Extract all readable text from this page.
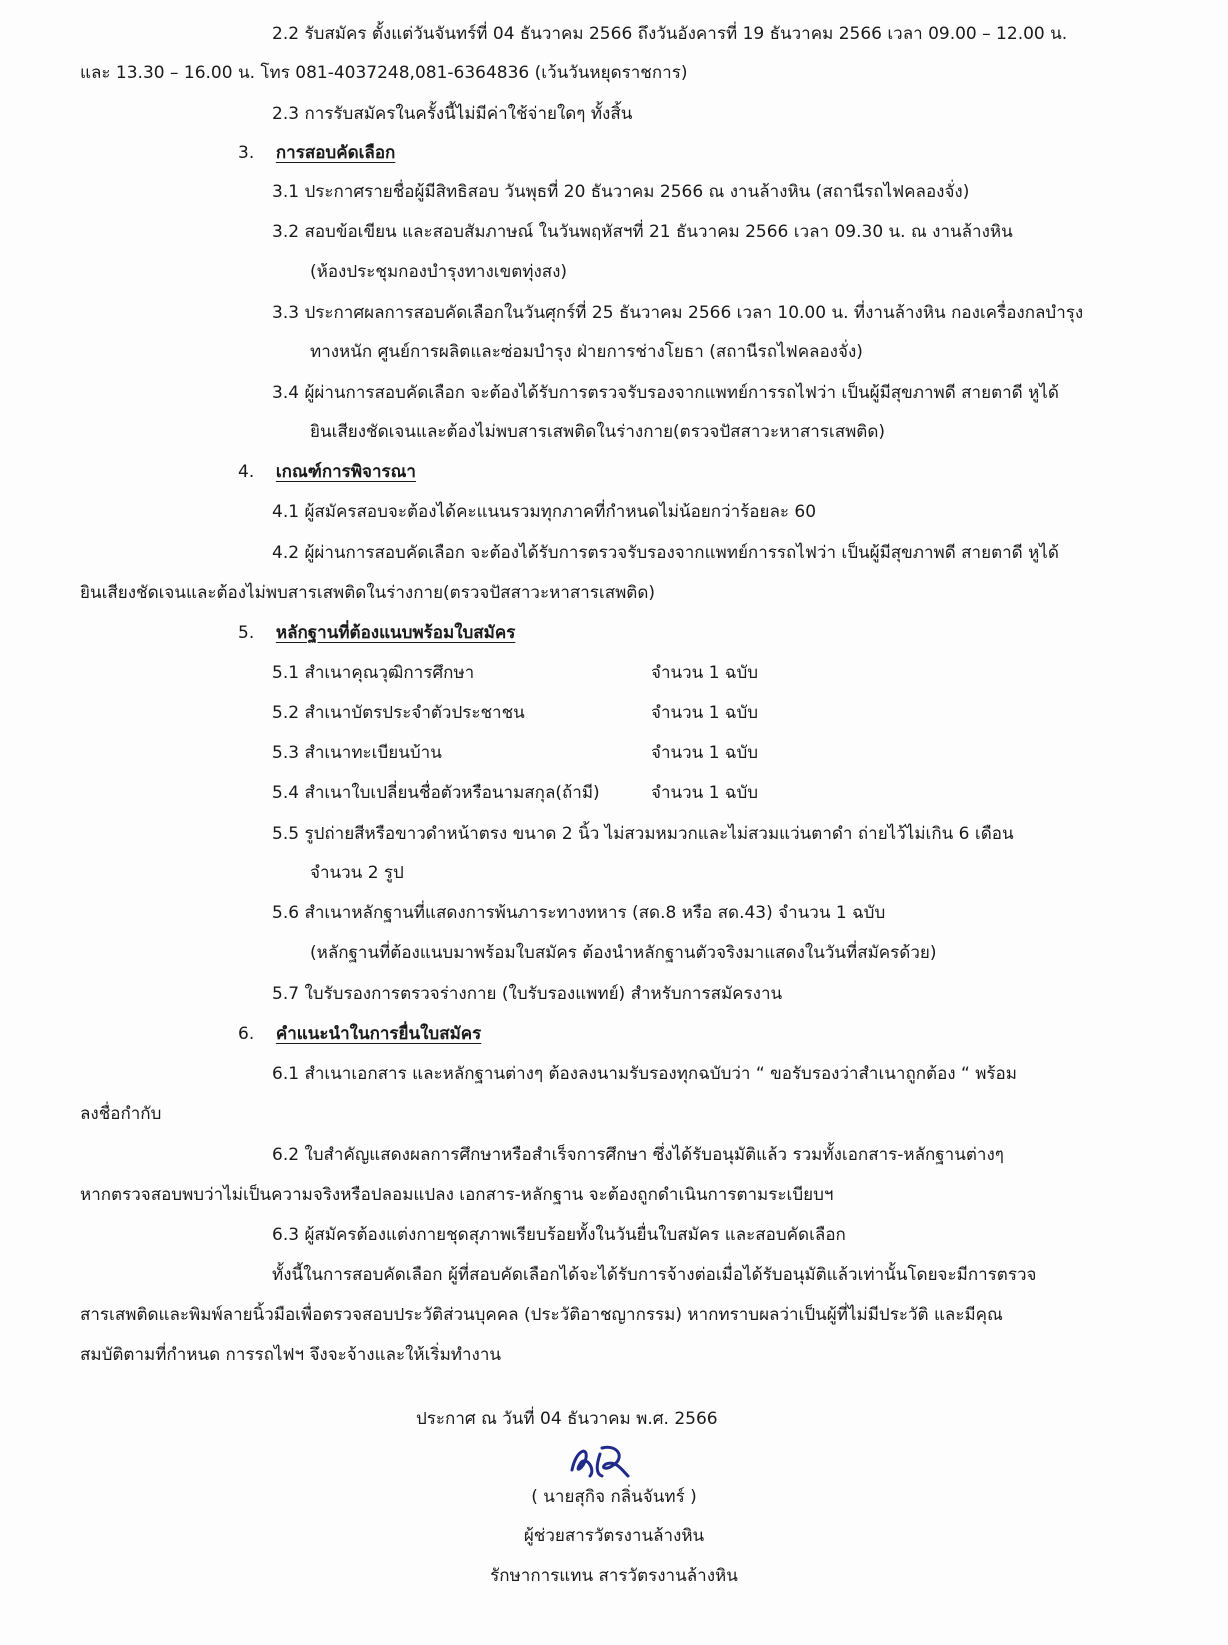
2.2 รับสมัคร ตั้งแต่วันจันทร์ที่ 04 ธันวาคม 2566 ถึงวันอังคารที่ 19 ธันวาคม 2566 เวลา 09.00 – 12.00 น.
และ 13.30 – 16.00 น. โทร 081-4037248,081-6364836 (เว้นวันหยุดราชการ)
2.3 การรับสมัครในครั้งนี้ไม่มีค่าใช้จ่ายใดๆ ทั้งสิ้น
3. การสอบคัดเลือก
3.1 ประกาศรายชื่อผู้มีสิทธิสอบ วันพุธที่ 20 ธันวาคม 2566 ณ งานล้างหิน (สถานีรถไฟคลองจั่ง)
3.2 สอบข้อเขียน และสอบสัมภาษณ์ ในวันพฤหัสฯที่ 21 ธันวาคม 2566 เวลา 09.30 น. ณ งานล้างหิน
(ห้องประชุมกองบำรุงทางเขตทุ่งสง)
3.3 ประกาศผลการสอบคัดเลือกในวันศุกร์ที่ 25 ธันวาคม 2566 เวลา 10.00 น. ที่งานล้างหิน กองเครื่องกลบำรุง
ทางหนัก ศูนย์การผลิตและซ่อมบำรุง ฝ่ายการช่างโยธา (สถานีรถไฟคลองจั่ง)
3.4 ผู้ผ่านการสอบคัดเลือก จะต้องได้รับการตรวจรับรองจากแพทย์การรถไฟว่า เป็นผู้มีสุขภาพดี สายตาดี หูได้
ยินเสียงชัดเจนและต้องไม่พบสารเสพติดในร่างกาย(ตรวจปัสสาวะหาสารเสพติด)
4. เกณฑ์การพิจารณา
4.1 ผู้สมัครสอบจะต้องได้คะแนนรวมทุกภาคที่กำหนดไม่น้อยกว่าร้อยละ 60
4.2 ผู้ผ่านการสอบคัดเลือก จะต้องได้รับการตรวจรับรองจากแพทย์การรถไฟว่า เป็นผู้มีสุขภาพดี สายตาดี หูได้
ยินเสียงชัดเจนและต้องไม่พบสารเสพติดในร่างกาย(ตรวจปัสสาวะหาสารเสพติด)
5. หลักฐานที่ต้องแนบพร้อมใบสมัคร
5.1 สำเนาคุณวุฒิการศึกษา	จำนวน 1 ฉบับ
5.2 สำเนาบัตรประจำตัวประชาชน	จำนวน 1 ฉบับ
5.3 สำเนาทะเบียนบ้าน	จำนวน 1 ฉบับ
5.4 สำเนาใบเปลี่ยนชื่อตัวหรือนามสกุล(ถ้ามี)	จำนวน 1 ฉบับ
5.5 รูปถ่ายสีหรือขาวดำหน้าตรง ขนาด 2 นิ้ว ไม่สวมหมวกและไม่สวมแว่นตาดำ ถ่ายไว้ไม่เกิน 6 เดือน
จำนวน 2 รูป
5.6 สำเนาหลักฐานที่แสดงการพ้นภาระทางทหาร (สด.8 หรือ สด.43) จำนวน 1 ฉบับ
(หลักฐานที่ต้องแนบมาพร้อมใบสมัคร ต้องนำหลักฐานตัวจริงมาแสดงในวันที่สมัครด้วย)
5.7 ใบรับรองการตรวจร่างกาย (ใบรับรองแพทย์) สำหรับการสมัครงาน
6. คำแนะนำในการยื่นใบสมัคร
6.1 สำเนาเอกสาร และหลักฐานต่างๆ ต้องลงนามรับรองทุกฉบับว่า “ ขอรับรองว่าสำเนาถูกต้อง “ พร้อม
ลงชื่อกำกับ
6.2 ใบสำคัญแสดงผลการศึกษาหรือสำเร็จการศึกษา ซึ่งได้รับอนุมัติแล้ว รวมทั้งเอกสาร-หลักฐานต่างๆ
หากตรวจสอบพบว่าไม่เป็นความจริงหรือปลอมแปลง เอกสาร-หลักฐาน จะต้องถูกดำเนินการตามระเบียบฯ
6.3 ผู้สมัครต้องแต่งกายชุดสุภาพเรียบร้อยทั้งในวันยื่นใบสมัคร และสอบคัดเลือก
ทั้งนี้ในการสอบคัดเลือก ผู้ที่สอบคัดเลือกได้จะได้รับการจ้างต่อเมื่อได้รับอนุมัติแล้วเท่านั้นโดยจะมีการตรวจ
สารเสพติดและพิมพ์ลายนิ้วมือเพื่อตรวจสอบประวัติส่วนบุคคล (ประวัติอาชญากรรม) หากทราบผลว่าเป็นผู้ที่ไม่มีประวัติ และมีคุณ
สมบัติตามที่กำหนด การรถไฟฯ จึงจะจ้างและให้เริ่มทำงาน
ประกาศ ณ วันที่ 04 ธันวาคม พ.ศ. 2566
( นายสุกิจ กลิ่นจันทร์ )
ผู้ช่วยสารวัตรงานล้างหิน
รักษาการแทน สารวัตรงานล้างหิน
